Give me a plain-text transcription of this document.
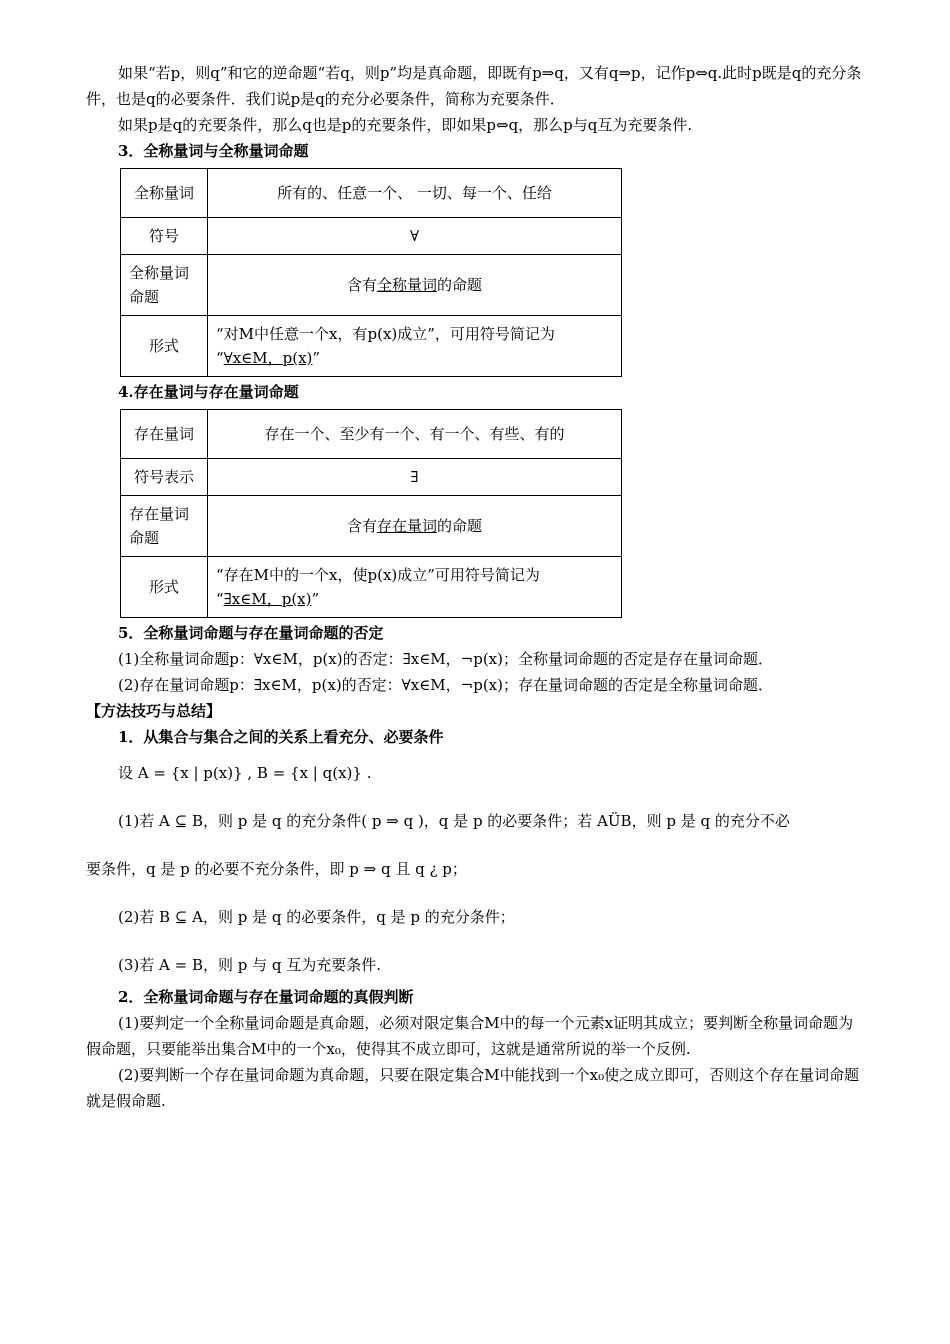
如果“若p，则q”和它的逆命题“若q，则p”均是真命题，即既有p⇒q，又有q⇒p，记作p⇔q.此时p既是q的充分条件，也是q的必要条件．我们说p是q的充分必要条件，简称为充要条件．

如果p是q的充要条件，那么q也是p的充要条件，即如果p⇔q，那么p与q互为充要条件.

3．全称量词与全称量词命题

全称量词	所有的、任意一个、 一切、每一个、任给
符号	∀
全称量词命题	含有全称量词的命题
形式	“对M中任意一个x，有p(x)成立”，可用符号简记为
“∀x∈M，p(x)”

4.存在量词与存在量词命题

存在量词	存在一个、至少有一个、有一个、有些、有的
符号表示	∃
存在量词命题	含有存在量词的命题
形式	“存在M中的一个x，使p(x)成立”可用符号简记为
“∃x∈M，p(x)”

5．全称量词命题与存在量词命题的否定

(1)全称量词命题p：∀x∈M，p(x)的否定：∃x∈M，¬p(x)；全称量词命题的否定是存在量词命题．

(2)存在量词命题p：∃x∈M，p(x)的否定：∀x∈M，¬p(x)；存在量词命题的否定是全称量词命题．

【方法技巧与总结】

1．从集合与集合之间的关系上看充分、必要条件

设 A = {x | p(x)} , B = {x | q(x)} .

(1)若 A ⊆ B，则 p 是 q 的充分条件( p ⇒ q )，q 是 p 的必要条件；若 AÜB，则 p 是 q 的充分不必

要条件，q 是 p 的必要不充分条件，即 p ⇒ q 且 q ¿ p；

(2)若 B ⊆ A，则 p 是 q 的必要条件，q 是 p 的充分条件；

(3)若 A = B，则 p 与 q 互为充要条件.

2．全称量词命题与存在量词命题的真假判断

(1)要判定一个全称量词命题是真命题，必须对限定集合M中的每一个元素x证明其成立；要判断全称量词命题为假命题，只要能举出集合M中的一个x₀，使得其不成立即可，这就是通常所说的举一个反例.

(2)要判断一个存在量词命题为真命题，只要在限定集合M中能找到一个x₀使之成立即可，否则这个存在量词命题就是假命题.
